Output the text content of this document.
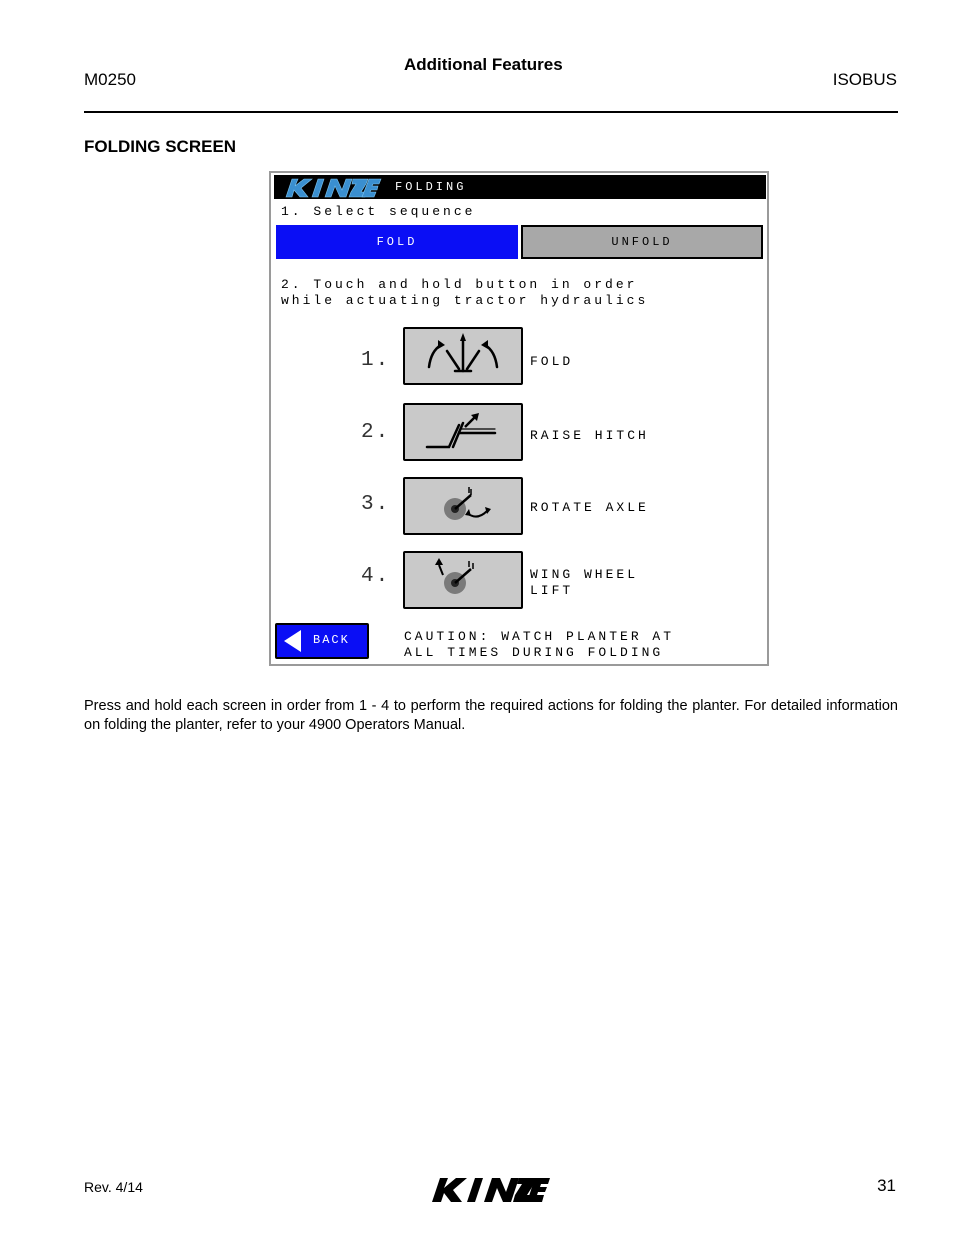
M0250
Additional Features
ISOBUS
FOLDING SCREEN
FOLDING
1. Select sequence
FOLD	UNFOLD
2. Touch and hold button in order
while actuating tractor hydraulics
1.	FOLD
2.	RAISE HITCH
3.	ROTATE AXLE
4.	WING WHEEL
LIFT
BACK	CAUTION: WATCH PLANTER AT
ALL TIMES DURING FOLDING
Press and hold each screen in order from 1 - 4 to perform the required actions for folding the planter. For detailed information on folding the planter, refer to your 4900 Operators Manual.
Rev. 4/14	31
